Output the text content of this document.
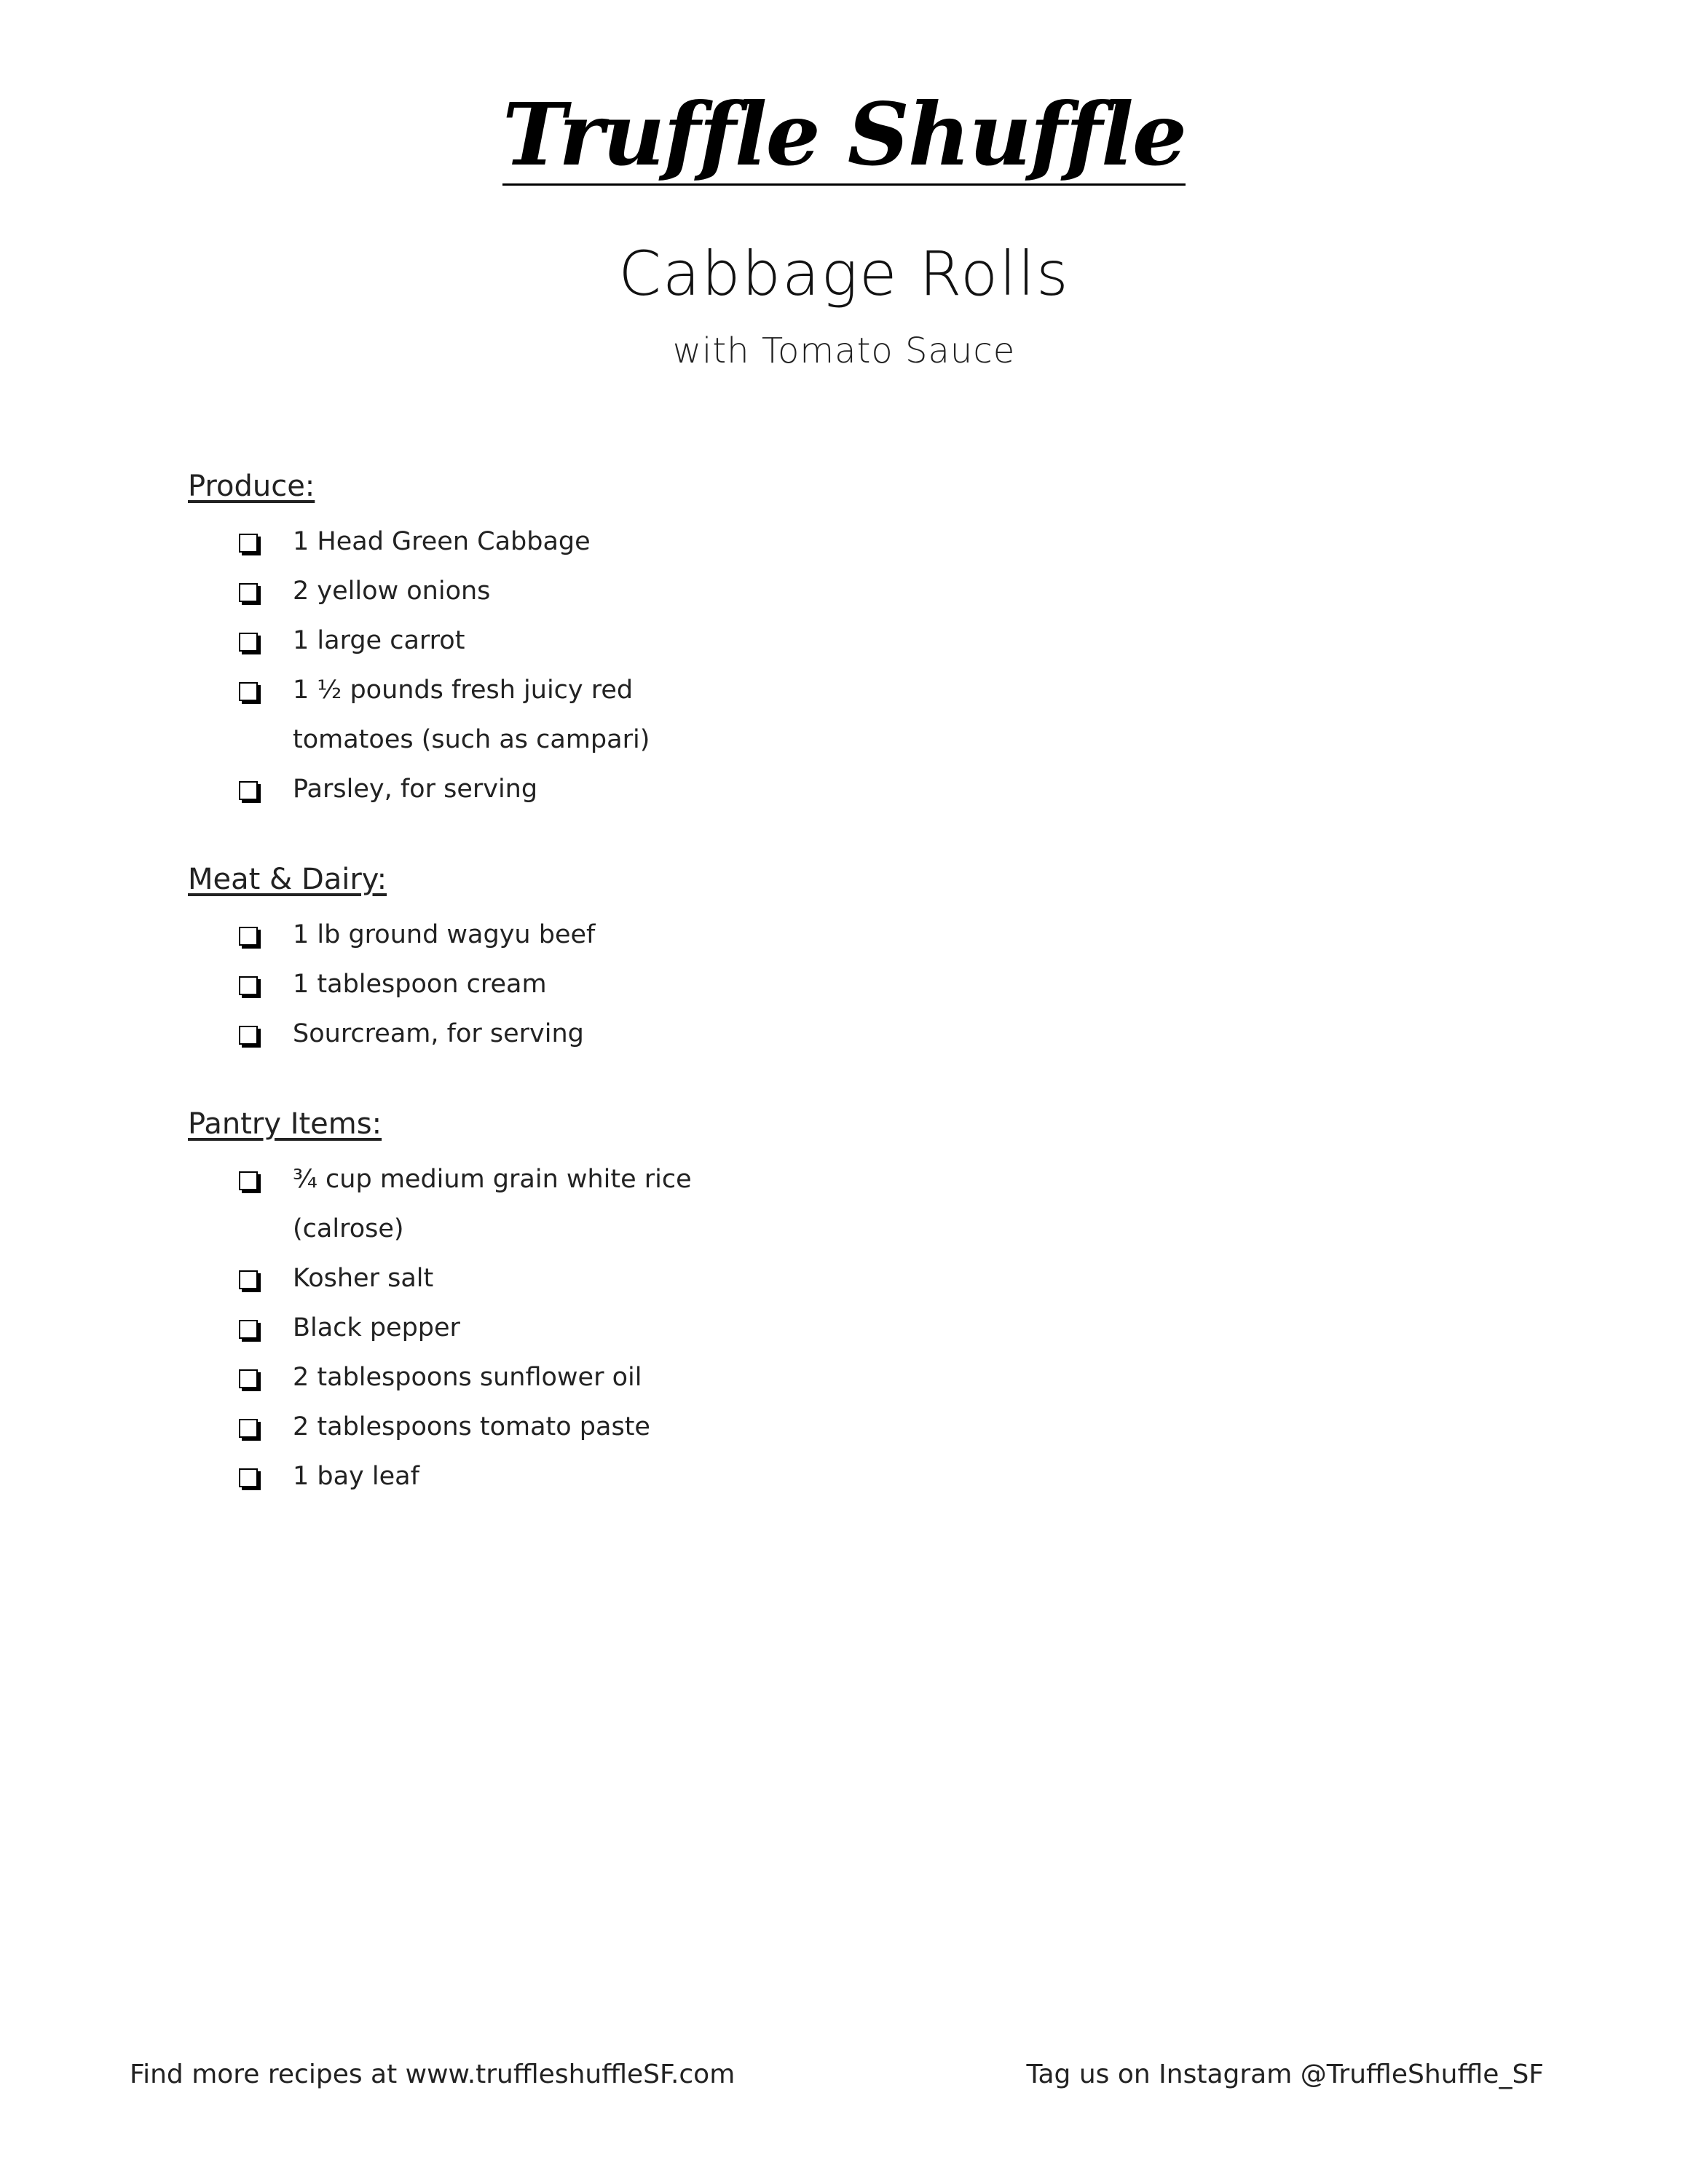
Truffle Shuffle
Cabbage Rolls
with Tomato Sauce
Produce:
1 Head Green Cabbage
2 yellow onions
1 large carrot
1 ½ pounds fresh juicy red tomatoes (such as campari)
Parsley, for serving
Meat & Dairy:
1 lb ground wagyu beef
1 tablespoon cream
Sourcream, for serving
Pantry Items:
¾ cup medium grain white rice (calrose)
Kosher salt
Black pepper
2 tablespoons sunflower oil
2 tablespoons tomato paste
1 bay leaf
Find more recipes at www.truffleshuffleSF.com	Tag us on Instagram @TruffleShuffle_SF
